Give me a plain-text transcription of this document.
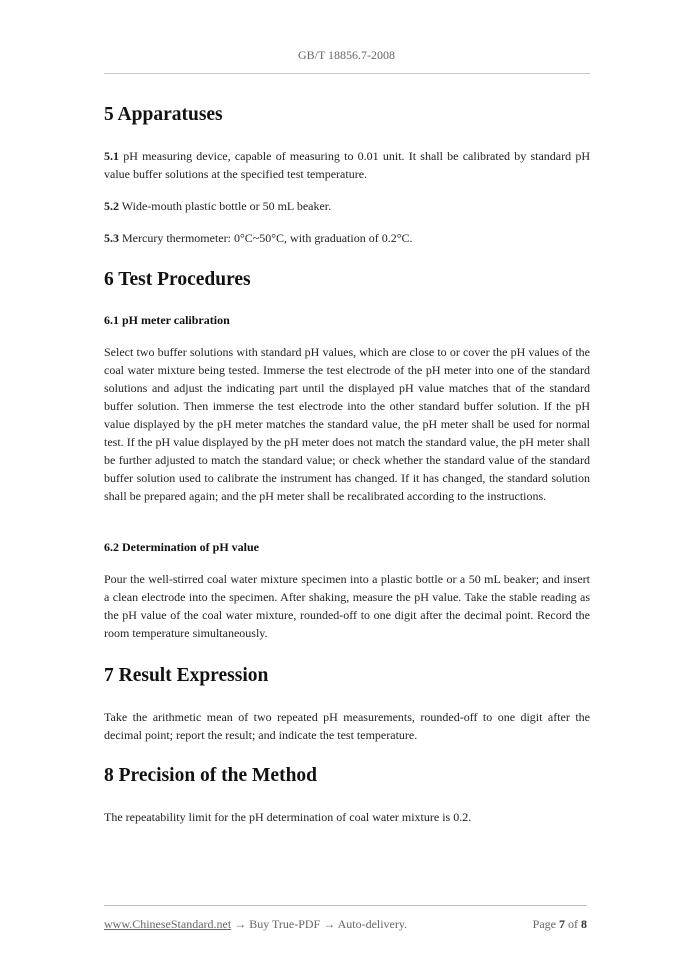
GB/T 18856.7-2008
5 Apparatuses

5.1 pH measuring device, capable of measuring to 0.01 unit. It shall be calibrated by standard pH value buffer solutions at the specified test temperature.

5.2 Wide-mouth plastic bottle or 50 mL beaker.

5.3 Mercury thermometer: 0°C~50°C, with graduation of 0.2°C.

6 Test Procedures
6.1 pH meter calibration

Select two buffer solutions with standard pH values, which are close to or cover the pH values of the coal water mixture being tested. Immerse the test electrode of the pH meter into one of the standard solutions and adjust the indicating part until the displayed pH value matches that of the standard buffer solution. Then immerse the test electrode into the other standard buffer solution. If the pH value displayed by the pH meter matches the standard value, the pH meter shall be used for normal test. If the pH value displayed by the pH meter does not match the standard value, the pH meter shall be further adjusted to match the standard value; or check whether the standard value of the standard buffer solution used to calibrate the instrument has changed. If it has changed, the standard solution shall be prepared again; and the pH meter shall be recalibrated according to the instructions.

6.2 Determination of pH value

Pour the well-stirred coal water mixture specimen into a plastic bottle or a 50 mL beaker; and insert a clean electrode into the specimen. After shaking, measure the pH value. Take the stable reading as the pH value of the coal water mixture, rounded-off to one digit after the decimal point. Record the room temperature simultaneously.

7 Result Expression

Take the arithmetic mean of two repeated pH measurements, rounded-off to one digit after the decimal point; report the result; and indicate the test temperature.

8 Precision of the Method

The repeatability limit for the pH determination of coal water mixture is 0.2.

www.ChineseStandard.net → Buy True-PDF → Auto-delivery.	Page 7 of 8
